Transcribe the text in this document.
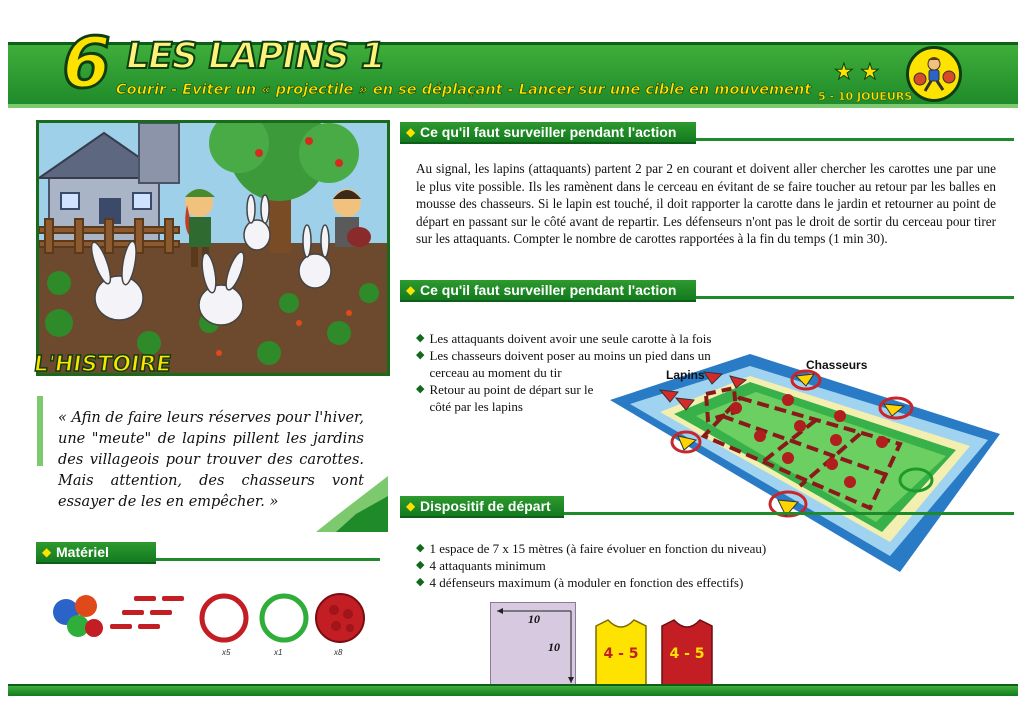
6 LES LAPINS 1
Courir - Eviter un « projectile » en se déplaçant - Lancer sur une cible en mouvement
★ ★
5 - 10 JOUEURS
L'HISTOIRE
« Afin de faire leurs réserves pour l'hiver, une "meute" de lapins pillent les jardins des villageois pour trouver des carottes. Mais attention, des chasseurs vont essayer de les en empêcher. »
◆ Ce qu'il faut surveiller pendant l'action
Au signal, les lapins (attaquants) partent 2 par 2 en courant et doivent aller chercher les carottes une par une le plus vite possible. Ils les ramènent dans le cerceau en évitant de se faire toucher au retour par les balles en mousse des chasseurs. Si le lapin est touché, il doit rapporter la carotte dans le jardin et retourner au point de départ en passant sur le côté avant de repartir. Les défenseurs n'ont pas le droit de sortir du cerceau pour tirer sur les attaquants. Compter le nombre de carottes rapportées à la fin du temps (1 min 30).
◆ Ce qu'il faut surveiller pendant l'action
◆ Les attaquants doivent avoir une seule carotte à la fois
◆ Les chasseurs doivent poser au moins un pied dans un cerceau au moment du tir
◆ Retour au point de départ sur le côté par les lapins
Lapins
Chasseurs
◆ Dispositif de départ
◆ 1 espace de 7 x 15 mètres (à faire évoluer en fonction du niveau)
◆ 4 attaquants minimum
◆ 4 défenseurs maximum (à moduler en fonction des effectifs)
◆ Matériel
x5	x1	x8
10
10	4 - 5	4 - 5
